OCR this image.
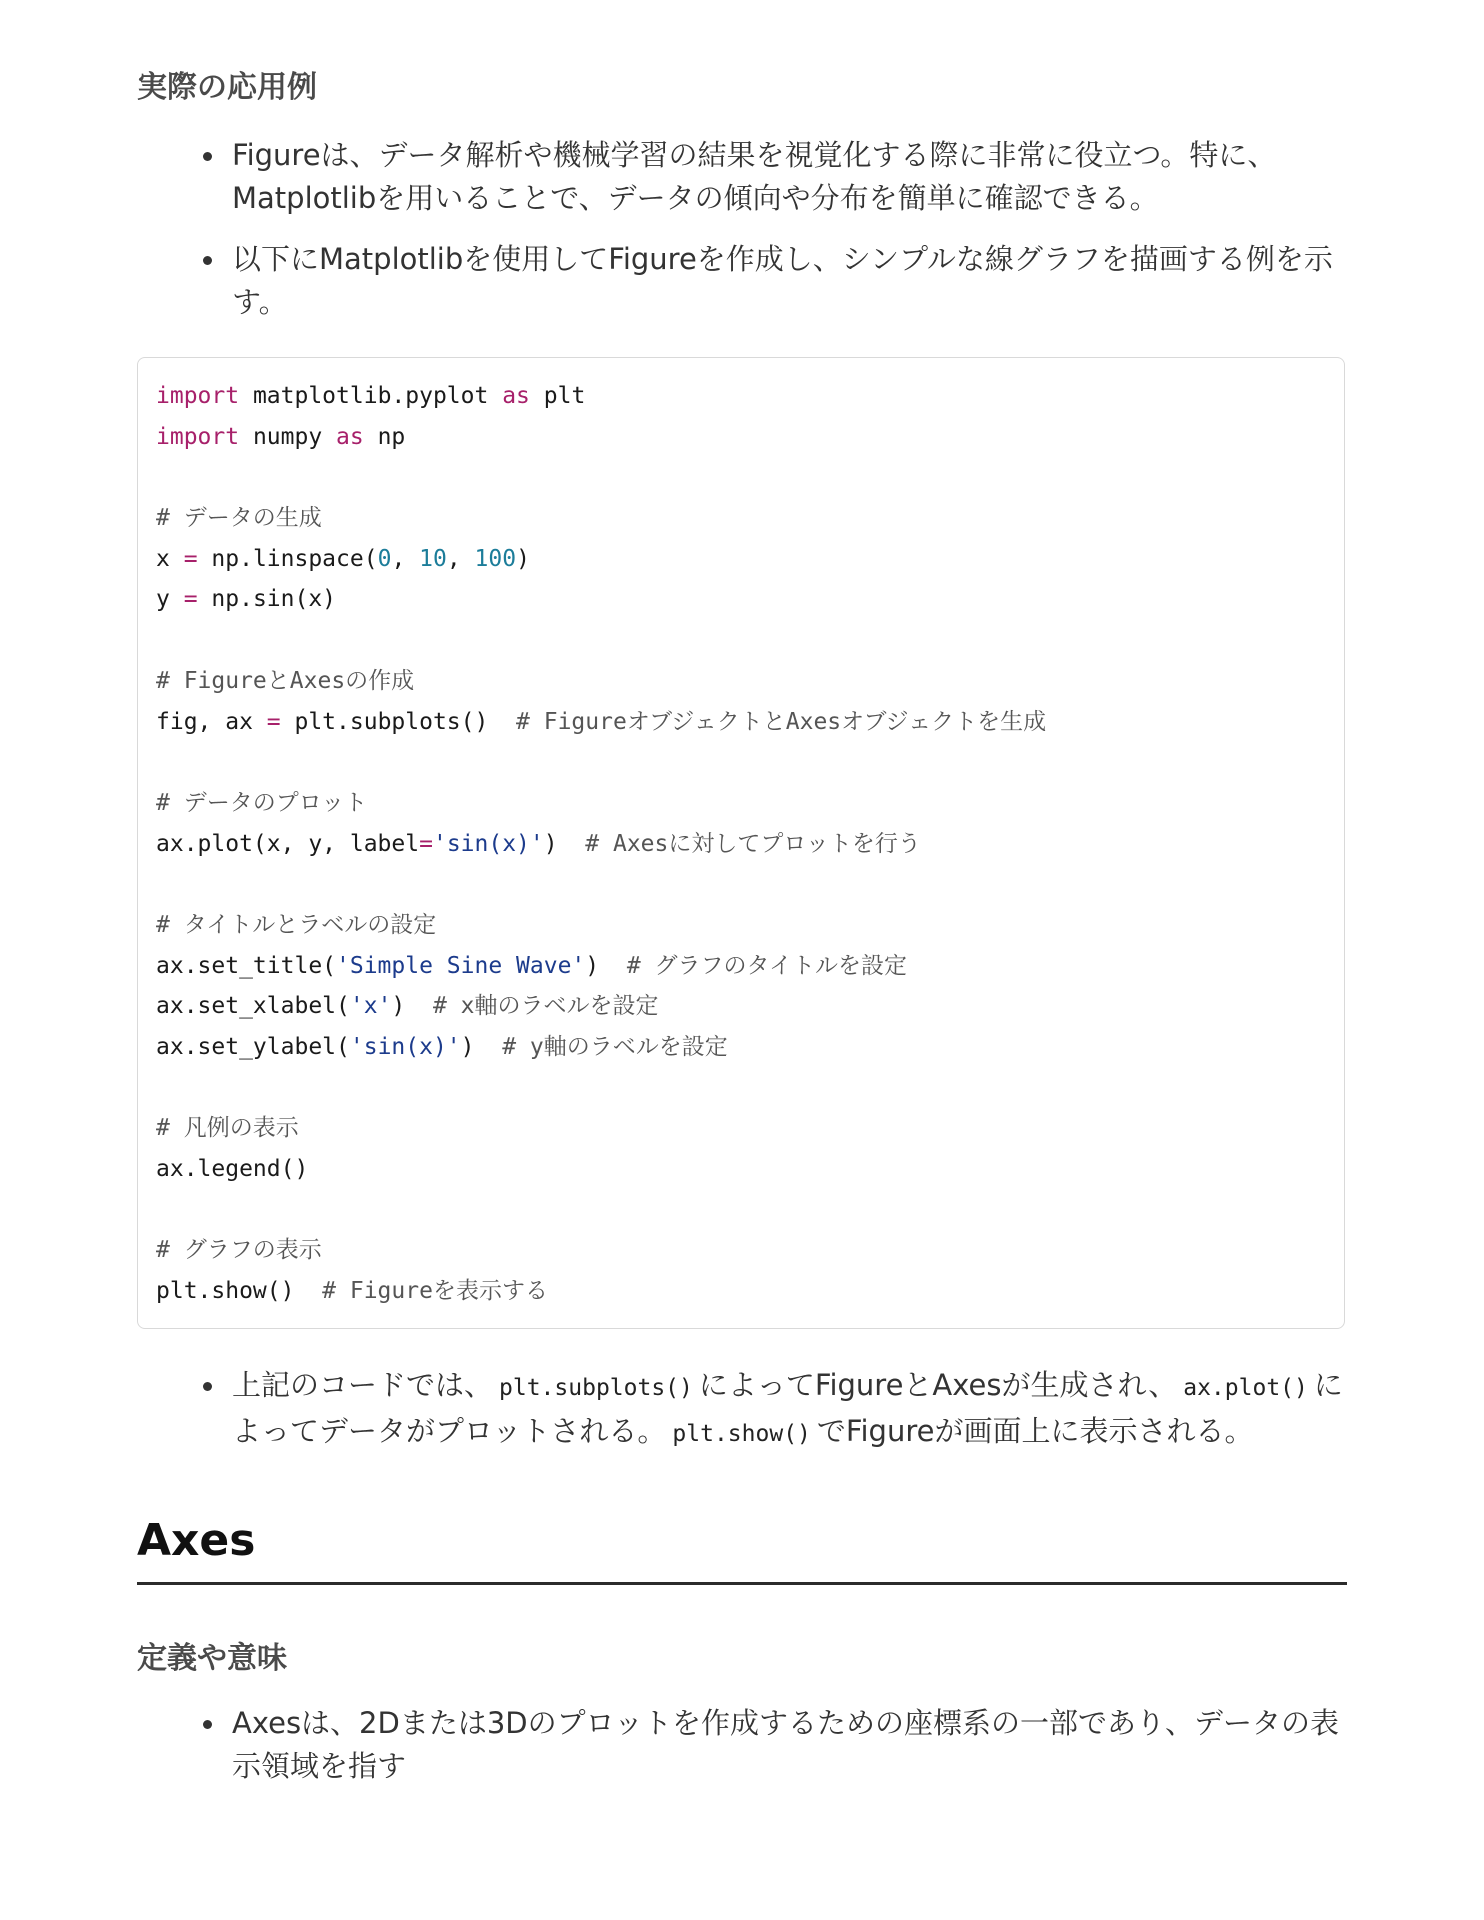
実際の応用例
Figureは、データ解析や機械学習の結果を視覚化する際に非常に役立つ。特に、Matplotlibを用いることで、データの傾向や分布を簡単に確認できる。
以下にMatplotlibを使用してFigureを作成し、シンプルな線グラフを描画する例を示す。
import matplotlib.pyplot as plt
import numpy as np

# データの生成
x = np.linspace(0, 10, 100)
y = np.sin(x)

# FigureとAxesの作成
fig, ax = plt.subplots()  # FigureオブジェクトとAxesオブジェクトを生成

# データのプロット
ax.plot(x, y, label='sin(x)')  # Axesに対してプロットを行う

# タイトルとラベルの設定
ax.set_title('Simple Sine Wave')  # グラフのタイトルを設定
ax.set_xlabel('x')  # x軸のラベルを設定
ax.set_ylabel('sin(x)')  # y軸のラベルを設定

# 凡例の表示
ax.legend()

# グラフの表示
plt.show()  # Figureを表示する
上記のコードでは、 plt.subplots() によってFigureとAxesが生成され、 ax.plot() によってデータがプロットされる。 plt.show() でFigureが画面上に表示される。
Axes
定義や意味
Axesは、2Dまたは3Dのプロットを作成するための座標系の一部であり、データの表示領域を指す
